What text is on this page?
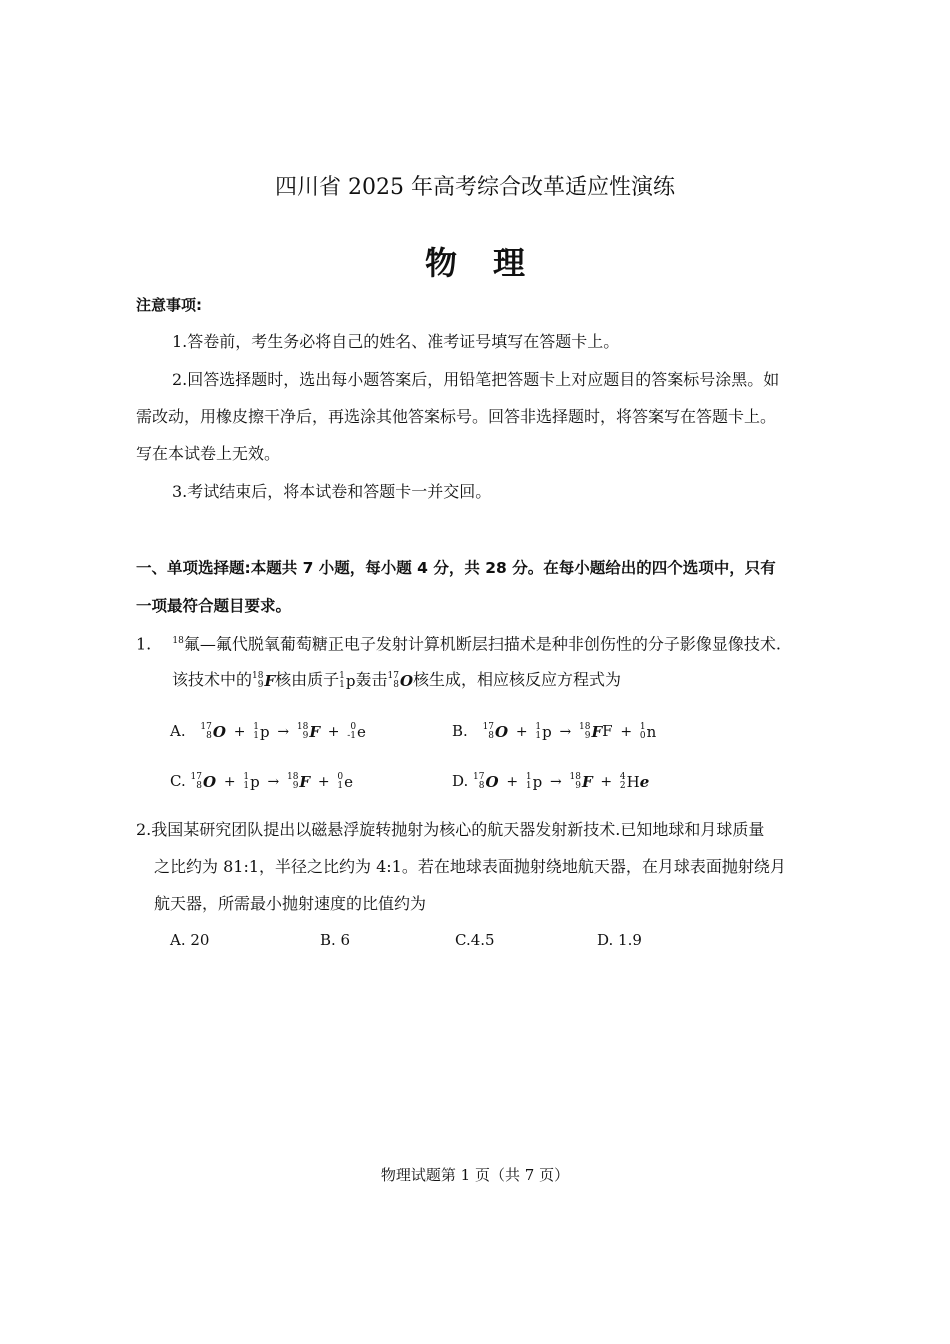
四川省 2025 年高考综合改革适应性演练
物理
注意事项:
1.答卷前，考生务必将自己的姓名、准考证号填写在答题卡上。
2.回答选择题时，选出每小题答案后，用铅笔把答题卡上对应题目的答案标号涂黑。如
需改动，用橡皮擦干净后，再选涂其他答案标号。回答非选择题时，将答案写在答题卡上。
写在本试卷上无效。
3.考试结束后，将本试卷和答题卡一并交回。
一、单项选择题:本题共 7 小题，每小题 4 分，共 28 分。在每小题给出的四个选项中，只有
一项最符合题目要求。
1. $^{18}$氟—氟代脱氧葡萄糖正电子发射计算机断层扫描术是种非创伤性的分子影像显像技术.
该技术中的 18
9 F 核由质子 1
1 p 轰击 17
8 O 核生成，相应核反应方程式为
A. 17
8 O + 1
1 p → 18
9 F +	0
-1 e	B. 17
8 O + 1
1 p → 18
9 F F + 1
0 n
C. 17
8 O + 1
1 p → 18
9 F + 0
1 e	D. 17
8 O + 1
1 p → 18
9 F + 4
2 H e
2.我国某研究团队提出以磁悬浮旋转抛射为核心的航天器发射新技术.已知地球和月球质量
之比约为 81:1，半径之比约为 4:1。若在地球表面抛射绕地航天器，在月球表面抛射绕月
航天器，所需最小抛射速度的比值约为
A. 20	B. 6	C.4.5	D. 1.9
物理试题第 1 页（共 7 页）
